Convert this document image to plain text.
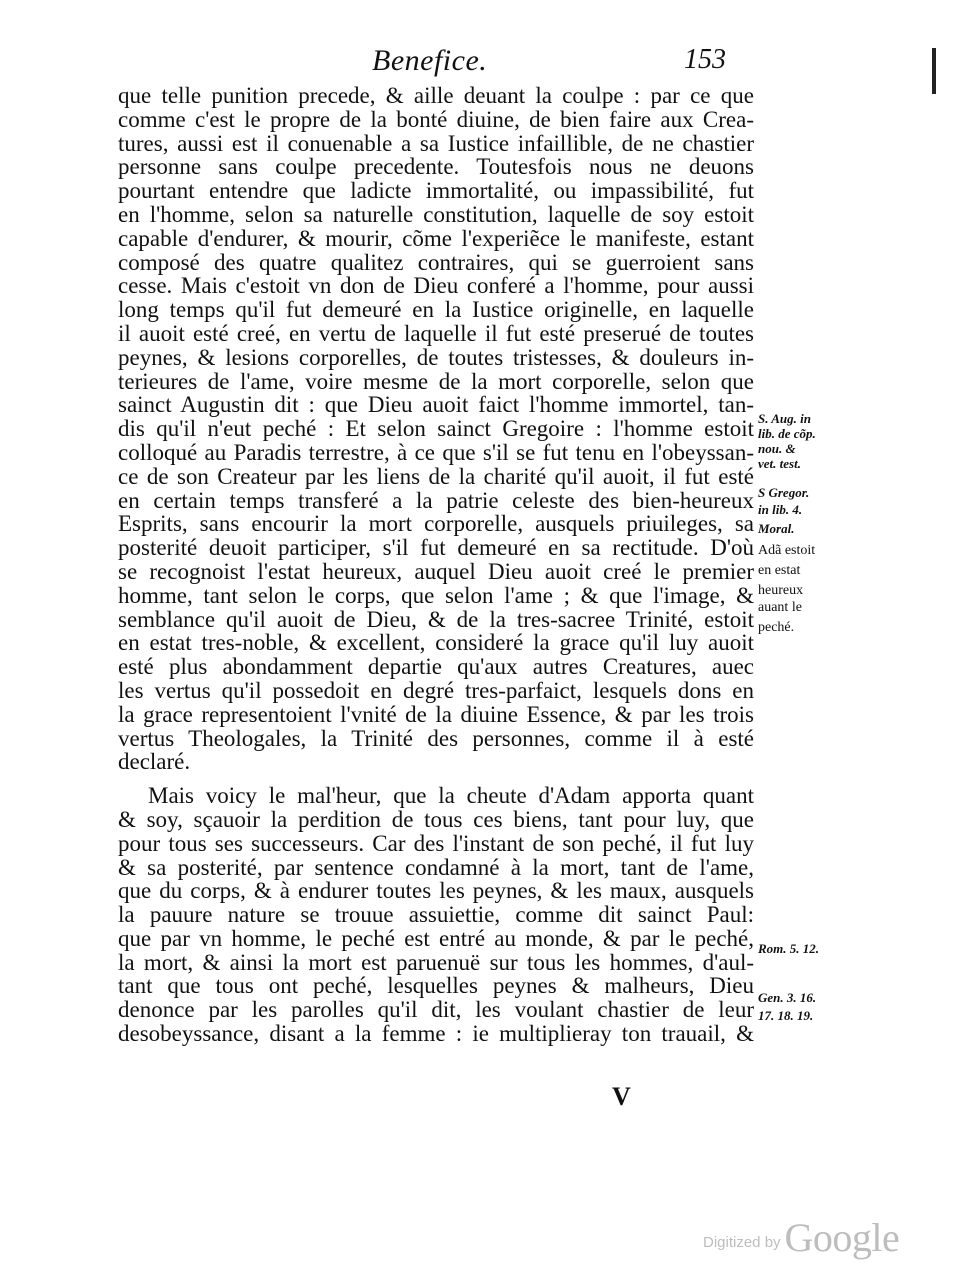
Benefice.	153
que telle punition precede, & aille deuant la coulpe : par ce que
comme c'est le propre de la bonté diuine, de bien faire aux Crea-
tures, aussi est il conuenable a sa Iustice infaillible, de ne chastier
personne sans coulpe precedente. Toutesfois nous ne deuons
pourtant entendre que ladicte immortalité, ou impassibilité, fut
en l'homme, selon sa naturelle constitution, laquelle de soy estoit
capable d'endurer, & mourir, cõme l'experiẽce le manifeste, estant
composé des quatre qualitez contraires, qui se guerroient sans
cesse. Mais c'estoit vn don de Dieu conferé a l'homme, pour aussi
long temps qu'il fut demeuré en la Iustice originelle, en laquelle
il auoit esté creé, en vertu de laquelle il fut esté preserué de toutes
peynes, & lesions corporelles, de toutes tristesses, & douleurs in-
terieures de l'ame, voire mesme de la mort corporelle, selon que
sainct Augustin dit : que Dieu auoit faict l'homme immortel, tan-
dis qu'il n'eut peché : Et selon sainct Gregoire : l'homme estoit
colloqué au Paradis terrestre, à ce que s'il se fut tenu en l'obeyssan-
ce de son Createur par les liens de la charité qu'il auoit, il fut esté
en certain temps transferé a la patrie celeste des bien-heureux
Esprits, sans encourir la mort corporelle, ausquels priuileges, sa
posterité deuoit participer, s'il fut demeuré en sa rectitude. D'où
se recognoist l'estat heureux, auquel Dieu auoit creé le premier
homme, tant selon le corps, que selon l'ame ; & que l'image, &
semblance qu'il auoit de Dieu, & de la tres-sacree Trinité, estoit
en estat tres-noble, & excellent, consideré la grace qu'il luy auoit
esté plus abondamment departie qu'aux autres Creatures, auec
les vertus qu'il possedoit en degré tres-parfaict, lesquels dons en
la grace representoient l'vnité de la diuine Essence, & par les trois
vertus Theologales, la Trinité des personnes, comme il à esté
declaré.
Mais voicy le mal'heur, que la cheute d'Adam apporta quant
& soy, sçauoir la perdition de tous ces biens, tant pour luy, que
pour tous ses successeurs. Car des l'instant de son peché, il fut luy
& sa posterité, par sentence condamné à la mort, tant de l'ame,
que du corps, & à endurer toutes les peynes, & les maux, ausquels
la pauure nature se trouue assuiettie, comme dit sainct Paul:
que par vn homme, le peché est entré au monde, & par le peché,
la mort, & ainsi la mort est paruenuë sur tous les hommes, d'aul-
tant que tous ont peché, lesquelles peynes & malheurs, Dieu
denonce par les parolles qu'il dit, les voulant chastier de leur
desobeyssance, disant a la femme : ie multiplieray ton trauail, &
S. Aug. in
lib. de cõp.
nou. &
vet. test.
S Gregor.
in lib. 4.
Moral.
Adã estoit
en estat
heureux
auant le
peché.
Rom. 5. 12.
Gen. 3. 16.
17. 18. 19.
V
Digitized by Google
